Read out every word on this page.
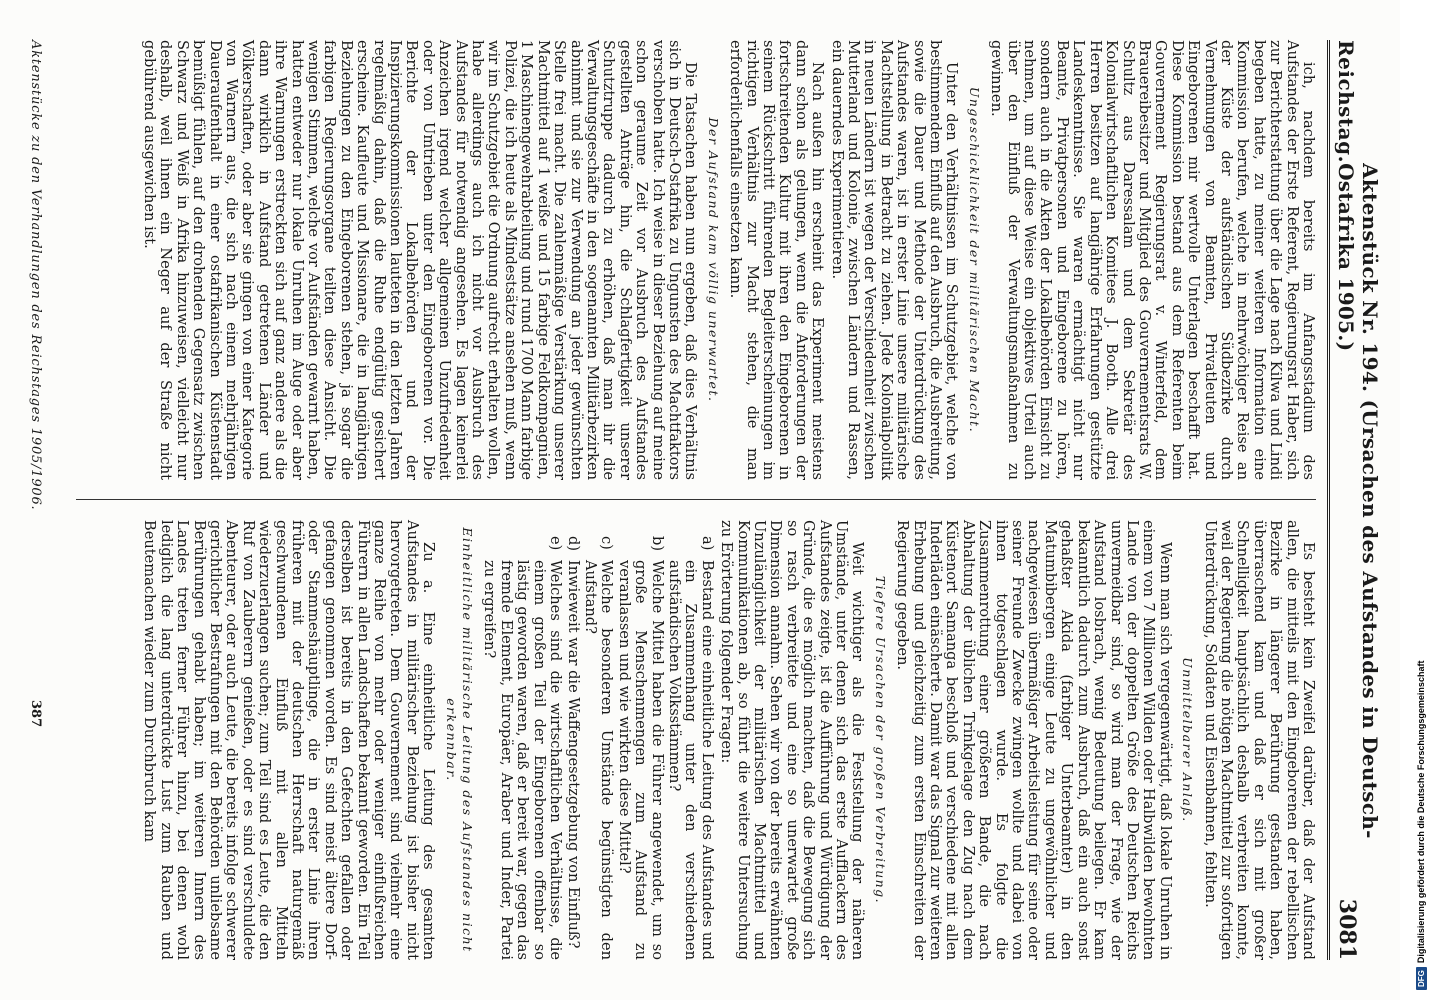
Reichstag.
Aktenstück Nr. 194. (Ursachen des Aufstandes in Deutsch-Ostafrika 1905.)
3081

ich, nachdem bereits im Anfangsstadium des Aufstandes der Erste Referent, Regierungsrat Haber, sich zur Berichterstattung über die Lage nach Kilwa und Lindi begeben hatte, zu meiner weiteren Information eine Kommission berufen, welche in mehrwöchiger Reise an der Küste der aufständischen Südbezirke durch Vernehmungen von Beamten, Privatleuten und Eingeborenen mir wertvolle Unterlagen beschafft hat. Diese Kommission bestand aus dem Referenten beim Gouvernement Regierungsrat v. Winterfeld, dem Brauereibesitzer und Mitglied des Gouvernementsrats W. Schultz aus Daressalam und dem Sekretär des Kolonialwirtschaftlichen Komitees J. Booth. Alle drei Herren besitzen auf langjährige Erfahrungen gestützte Landeskenntnisse. Sie waren ermächtigt nicht nur Beamte, Privatpersonen und Eingeborene zu hören, sondern auch in die Akten der Lokalbehörden Einsicht zu nehmen, um auf diese Weise ein objektives Urteil auch über den Einfluß der Verwaltungsmaßnahmen zu gewinnen.

Ungeschicklichkeit der militärischen Macht.

Unter den Verhältnissen im Schutzgebiet, welche von bestimmendem Einfluß auf den Ausbruch, die Ausbreitung, sowie die Dauer und Methode der Unterdrückung des Aufstandes waren, ist in erster Linie unsere militärische Machtstellung in Betracht zu ziehen. Jede Kolonialpolitik in neuen Ländern ist wegen der Verschiedenheit zwischen Mutterland und Kolonie, zwischen Ländern und Rassen, ein dauerndes Experimentieren.

Nach außen hin erscheint das Experiment meistens dann schon als gelungen, wenn die Anforderungen der fortschreitenden Kultur mit ihren den Eingeborenen in seinem Rückschritt führenden Begleiterscheinungen im richtigen Verhältnis zur Macht stehen, die man erforderlichenfalls einsetzen kann.

Der Aufstand kam völlig unerwartet.

Die Tatsachen haben nun ergeben, daß dies Verhältnis sich in Deutsch-Ostafrika zu Ungunsten des Machtfaktors verschoben hatte. Ich weise in dieser Beziehung auf meine schon geraume Zeit vor Ausbruch des Aufstandes gestellten Anträge hin, die Schlagfertigkeit unserer Schutztruppe dadurch zu erhöhen, daß man ihr die Verwaltungsgeschäfte in den sogenannten Militärbezirken abnimmt und sie zur Verwendung an jeder gewünschten Stelle frei macht. Die zahlenmäßige Verstärkung unserer Machtmittel auf 1 weiße und 15 farbige Feldkompagnien, 1 Maschinengewehrabteilung und rund 1700 Mann farbige Polizei, die ich heute als Mindestsätze ansehen muß, wenn wir im Schutzgebiet die Ordnung aufrecht erhalten wollen, habe allerdings auch ich nicht vor Ausbruch des Aufstandes für notwendig angesehen. Es lagen keinerlei Anzeichen irgend welcher allgemeinen Unzufriedenheit oder von Umtrieben unter den Eingeborenen vor. Die Berichte der Lokalbehörden und der Inspizierungskommissionen lauteten in den letzten Jahren regelmäßig dahin, daß die Ruhe endgültig gesichert erscheine. Kaufleute und Missionare, die in langjährigen Beziehungen zu den Eingeborenen stehen, ja sogar die farbigen Regierungsorgane teilten diese Ansicht. Die wenigen Stimmen, welche vor Aufständen gewarnt haben, hatten entweder nur lokale Unruhen im Auge oder aber ihre Warnungen erstreckten sich auf ganz andere als die dann wirklich in Aufstand getretenen Länder und Völkerschaften, oder aber sie gingen von einer Kategorie von Warnern aus, die sich nach einem mehrjährigen Daueraufenthalt in einer ostafrikanischen Küstenstadt bemüßigt fühlen, auf den drohenden Gegensatz zwischen Schwarz und Weiß in Afrika hinzuweisen, vielleicht nur deshalb, weil ihnen ein Neger auf der Straße nicht gebührend ausgewichen ist.

Es besteht kein Zweifel darüber, daß der Aufstand allen, die mitteils mit den Eingeborenen der rebellischen Bezirke in längerer Berührung gestanden haben, überraschend kam und daß er sich mit großer Schnelligkeit hauptsächlich deshalb verbreiten konnte, weil der Regierung die nötigen Machtmittel zur sofortigen Unterdrückung, Soldaten und Eisenbahnen, fehlten.

Unmittelbarer Anlaß.

Wenn man sich vergegenwärtigt, daß lokale Unruhen in einem von 7 Millionen Wilden oder Halbwilden bewohnten Lande von der doppelten Größe des Deutschen Reichs unvermeidbar sind, so wird man der Frage, wie der Aufstand losbrach, wenig Bedeutung beilegen. Er kam bekanntlich dadurch zum Ausbruch, daß ein auch sonst gehaßter Akida (farbiger Unterbeamter) in den Matumbibergen einige Leute zu ungewöhnlicher und nachgewiesen übermäßiger Arbeitsleistung für seine oder seiner Freunde Zwecke zwingen wollte und dabei von ihnen totgeschlagen wurde. Es folgte die Zusammenrottung einer größeren Bande, die nach Abhaltung der üblichen Trinkgelage den Zug nach dem Küstenort Samanga beschloß und verschiedene mit allen Inderläden einäscherte. Damit war das Signal zur weiteren Erhebung und gleichzeitig zum ersten Einschreiten der Regierung gegeben.

Tiefere Ursachen der großen Verbreitung.

Weit wichtiger als die Feststellung der näheren Umstände, unter denen sich das erste Aufflackern des Aufstandes zeigte, ist die Aufführung und Würdigung der Gründe, die es möglich machten, daß die Bewegung sich so rasch verbreitete und eine so unerwartet große Dimension annahm. Sehen wir von der bereits erwähnten Unzulänglichkeit der militärischen Machtmittel und Kommunikationen ab, so führt die weitere Untersuchung zu Erörterung folgender Fragen:

a)
Bestand eine einheitliche Leitung des Aufstandes und ein Zusammenhang unter den verschiedenen aufständischen Volksstämmen?
b)
Welche Mittel haben die Führer angewendet, um so große Menschenmengen zum Aufstand zu veranlassen und wie wirkten diese Mittel?
c)
Welche besonderen Umstände begünstigten den Aufstand?
d)
Inwieweit war die Waffengesetzgebung von Einfluß?
e)
Welches sind die wirtschaftlichen Verhältnisse, die einem großen Teil der Eingeborenen offenbar so lästig geworden waren, daß er bereit war, gegen das fremde Element, Europäer, Araber und Inder, Partei zu ergreifen?

Einheitliche militärische Leitung des Aufstandes nicht erkennbar.

Zu a. Eine einheitliche Leitung des gesamten Aufstandes in militärischer Beziehung ist bisher nicht hervorgetreten. Dem Gouvernement sind vielmehr eine ganze Reihe von mehr oder weniger einflußreichen Führern in allen Landschaften bekannt geworden. Ein Teil derselben ist bereits in den Gefechten gefallen oder gefangen genommen worden. Es sind meist ältere Dorf- oder Stammeshäuptlinge, die in erster Linie ihren früheren mit der deutschen Herrschaft naturgemäß geschwundenen Einfluß mit allen Mitteln wiederzuerlangen suchen; zum Teil sind es Leute, die den Ruf von Zauberern genießen, oder es sind verschuldete Abenteurer, oder auch Leute, die bereits infolge schwerer gerichtlicher Bestrafungen mit den Behörden unliebsame Berührungen gehabt haben; im weiteren Innern des Landes treten ferner Führer hinzu, bei denen wohl lediglich die lang unterdrückte Lust zum Rauben und Beutemachen wieder zum Durchbruch kam

Aktenstücke zu den Verhandlungen des Reichstages 1905/1906.
387
DFGDigitalisierung gefördert durch die Deutsche Forschungsgemeinschaft
